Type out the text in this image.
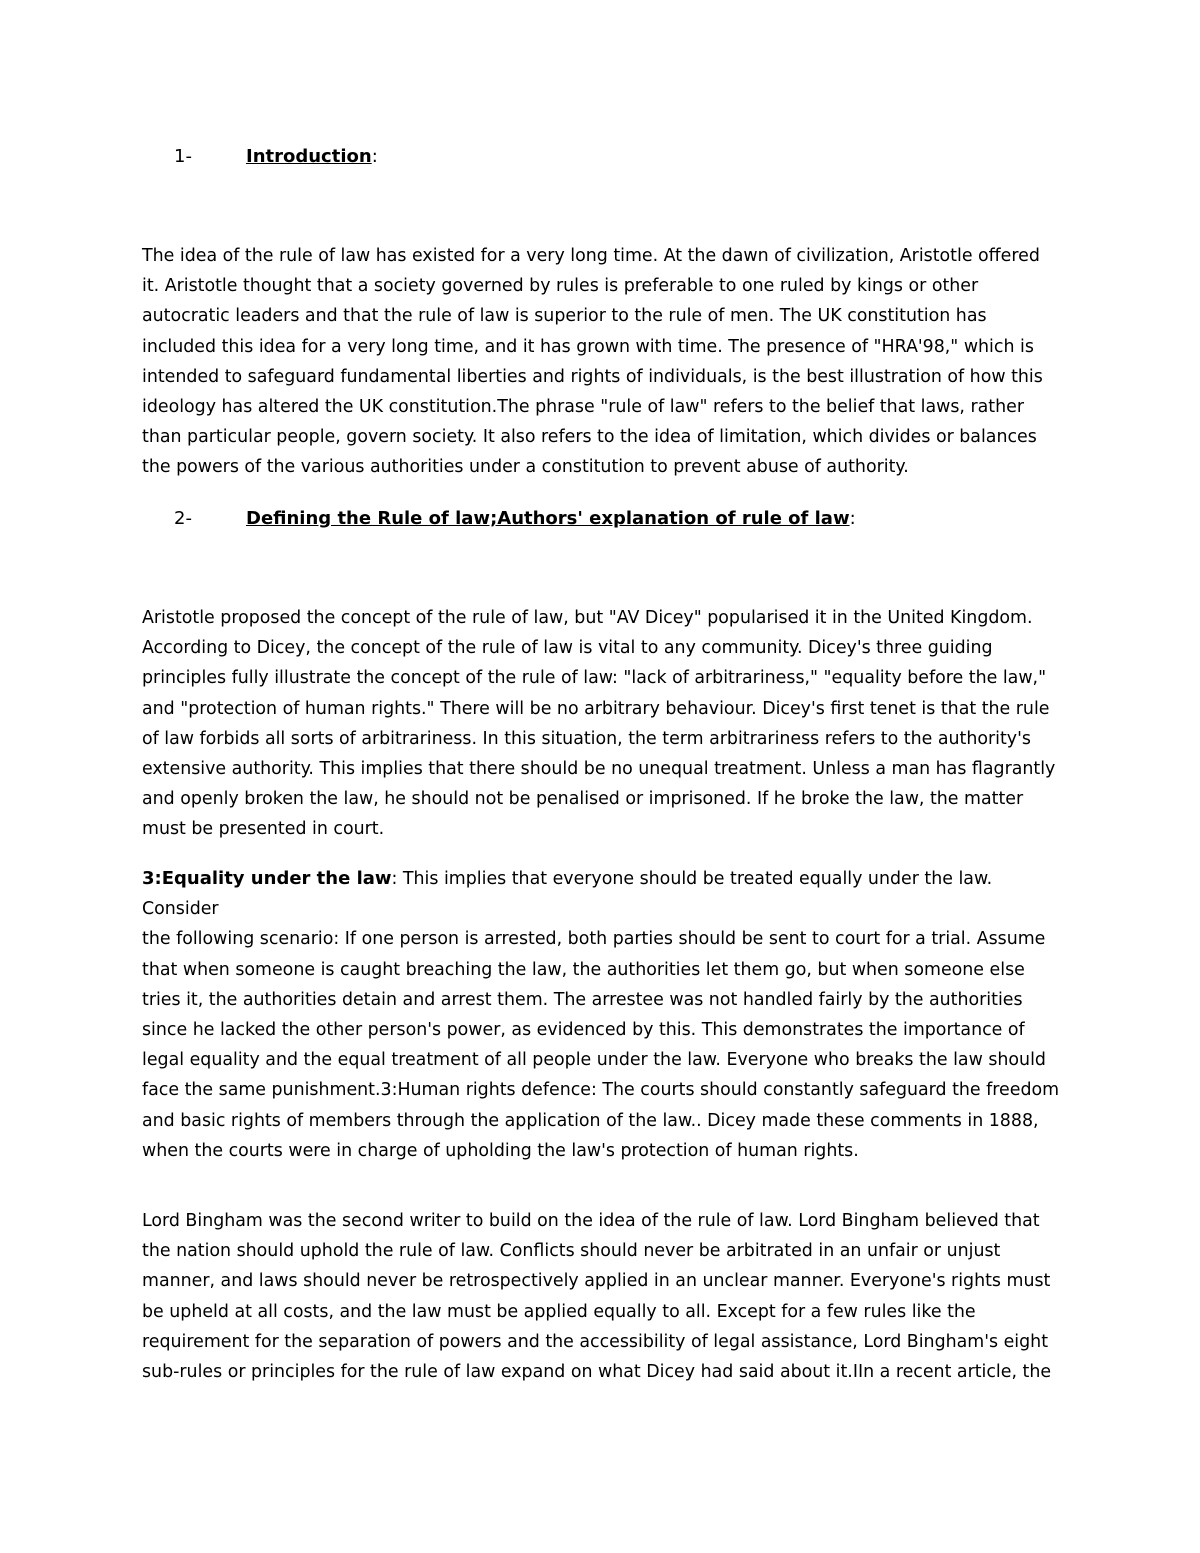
1-	Introduction:
The idea of the rule of law has existed for a very long time. At the dawn of civilization, Aristotle offered
it. Aristotle thought that a society governed by rules is preferable to one ruled by kings or other
autocratic leaders and that the rule of law is superior to the rule of men. The UK constitution has
included this idea for a very long time, and it has grown with time. The presence of "HRA'98," which is
intended to safeguard fundamental liberties and rights of individuals, is the best illustration of how this
ideology has altered the UK constitution.The phrase "rule of law" refers to the belief that laws, rather
than particular people, govern society. It also refers to the idea of limitation, which divides or balances
the powers of the various authorities under a constitution to prevent abuse of authority.
2-	Defining the Rule of law;Authors' explanation of rule of law:
Aristotle proposed the concept of the rule of law, but "AV Dicey" popularised it in the United Kingdom.
According to Dicey, the concept of the rule of law is vital to any community. Dicey's three guiding
principles fully illustrate the concept of the rule of law: "lack of arbitrariness," "equality before the law,"
and "protection of human rights." There will be no arbitrary behaviour. Dicey's first tenet is that the rule
of law forbids all sorts of arbitrariness. In this situation, the term arbitrariness refers to the authority's
extensive authority. This implies that there should be no unequal treatment. Unless a man has flagrantly
and openly broken the law, he should not be penalised or imprisoned. If he broke the law, the matter
must be presented in court.
3:Equality under the law: This implies that everyone should be treated equally under the law. Consider
the following scenario: If one person is arrested, both parties should be sent to court for a trial. Assume
that when someone is caught breaching the law, the authorities let them go, but when someone else
tries it, the authorities detain and arrest them. The arrestee was not handled fairly by the authorities
since he lacked the other person's power, as evidenced by this. This demonstrates the importance of
legal equality and the equal treatment of all people under the law. Everyone who breaks the law should
face the same punishment.3:Human rights defence: The courts should constantly safeguard the freedom
and basic rights of members through the application of the law.. Dicey made these comments in 1888,
when the courts were in charge of upholding the law's protection of human rights.
Lord Bingham was the second writer to build on the idea of the rule of law. Lord Bingham believed that
the nation should uphold the rule of law. Conflicts should never be arbitrated in an unfair or unjust
manner, and laws should never be retrospectively applied in an unclear manner. Everyone's rights must
be upheld at all costs, and the law must be applied equally to all. Except for a few rules like the
requirement for the separation of powers and the accessibility of legal assistance, Lord Bingham's eight
sub-rules or principles for the rule of law expand on what Dicey had said about it.IIn a recent article, the
